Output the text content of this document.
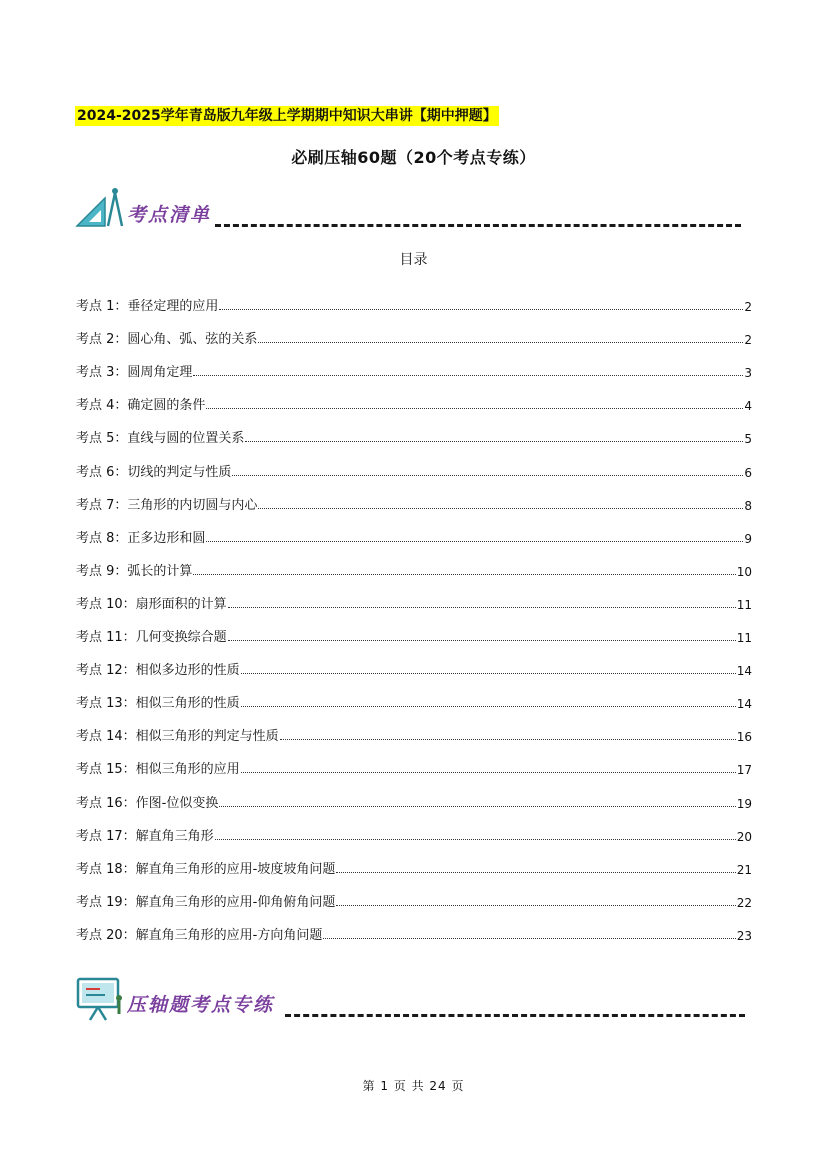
2024-2025学年青岛版九年级上学期期中知识大串讲【期中押题】
必刷压轴60题（20个考点专练）
考点清单
目录
考点 1：垂径定理的应用	2
考点 2：圆心角、弧、弦的关系	2
考点 3：圆周角定理	3
考点 4：确定圆的条件	4
考点 5：直线与圆的位置关系	5
考点 6：切线的判定与性质	6
考点 7：三角形的内切圆与内心	8
考点 8：正多边形和圆	9
考点 9：弧长的计算	10
考点 10：扇形面积的计算	11
考点 11：几何变换综合题	11
考点 12：相似多边形的性质	14
考点 13：相似三角形的性质	14
考点 14：相似三角形的判定与性质	16
考点 15：相似三角形的应用	17
考点 16：作图-位似变换	19
考点 17：解直角三角形	20
考点 18：解直角三角形的应用-坡度坡角问题	21
考点 19：解直角三角形的应用-仰角俯角问题	22
考点 20：解直角三角形的应用-方向角问题	23
压轴题考点专练
第 1 页 共 24 页
